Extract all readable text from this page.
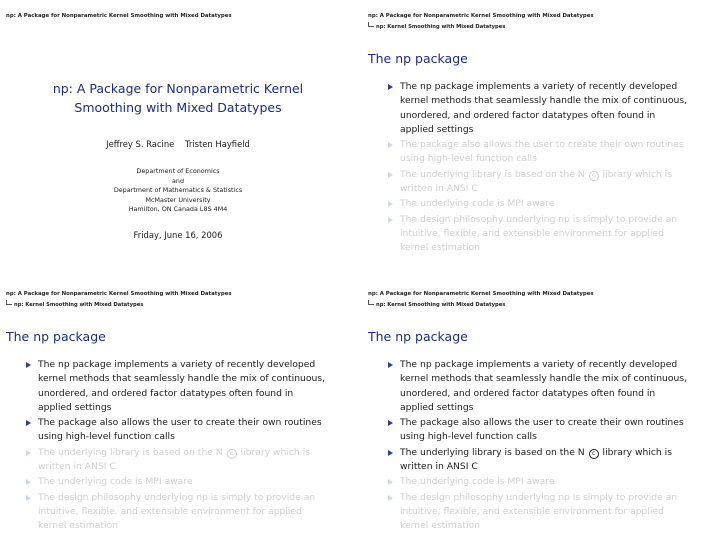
np: A Package for Nonparametric Kernel Smoothing with Mixed Datatypes
np: A Package for Nonparametric Kernel
Smoothing with Mixed Datatypes
Jeffrey S. Racine    Tristen Hayfield
Department of Economics
and
Department of Mathematics & Statistics
McMaster University
Hamilton, ON Canada L8S 4M4
Friday, June 16, 2006
np: A Package for Nonparametric Kernel Smoothing with Mixed Datatypes
np: Kernel Smoothing with Mixed Datatypes
The np package
The np package implements a variety of recently developed
kernel methods that seamlessly handle the mix of continuous,
unordered, and ordered factor datatypes often found in
applied settings
The package also allows the user to create their own routines
using high-level function calls
The underlying library is based on the N c library which is
written in ANSI C
The underlying code is MPI aware
The design philosophy underlying np is simply to provide an
intuitive, flexible, and extensible environment for applied
kernel estimation
np: A Package for Nonparametric Kernel Smoothing with Mixed Datatypes
np: Kernel Smoothing with Mixed Datatypes
The np package
The np package implements a variety of recently developed
kernel methods that seamlessly handle the mix of continuous,
unordered, and ordered factor datatypes often found in
applied settings
The package also allows the user to create their own routines
using high-level function calls
The underlying library is based on the N c library which is
written in ANSI C
The underlying code is MPI aware
The design philosophy underlying np is simply to provide an
intuitive, flexible, and extensible environment for applied
kernel estimation
np: A Package for Nonparametric Kernel Smoothing with Mixed Datatypes
np: Kernel Smoothing with Mixed Datatypes
The np package
The np package implements a variety of recently developed
kernel methods that seamlessly handle the mix of continuous,
unordered, and ordered factor datatypes often found in
applied settings
The package also allows the user to create their own routines
using high-level function calls
The underlying library is based on the N c library which is
written in ANSI C
The underlying code is MPI aware
The design philosophy underlying np is simply to provide an
intuitive, flexible, and extensible environment for applied
kernel estimation
